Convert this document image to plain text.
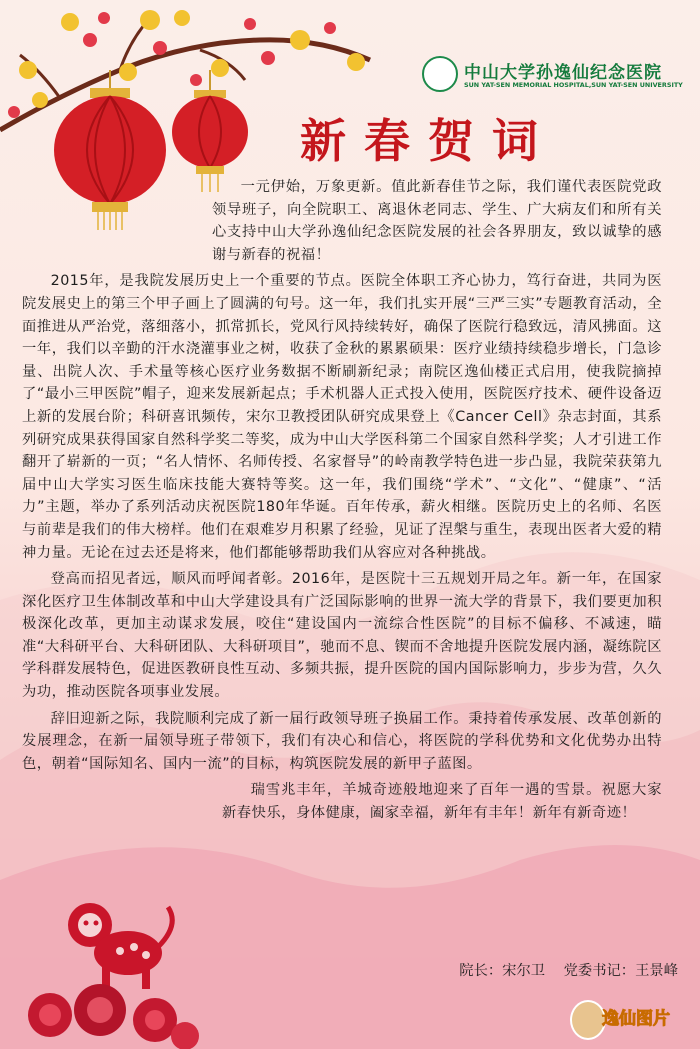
中山大学孙逸仙纪念医院
SUN YAT-SEN MEMORIAL HOSPITAL,SUN YAT-SEN UNIVERSITY
新春贺词

一元伊始，万象更新。值此新春佳节之际，我们谨代表医院党政领导班子，向全院职工、离退休老同志、学生、广大病友们和所有关心支持中山大学孙逸仙纪念医院发展的社会各界朋友，致以诚挚的感谢与新春的祝福！

2015年，是我院发展历史上一个重要的节点。医院全体职工齐心协力，笃行奋进，共同为医院发展史上的第三个甲子画上了圆满的句号。这一年，我们扎实开展“三严三实”专题教育活动，全面推进从严治党，落细落小，抓常抓长，党风行风持续转好，确保了医院行稳致远，清风拂面。这一年，我们以辛勤的汗水浇灌事业之树，收获了金秋的累累硕果：医疗业绩持续稳步增长，门急诊量、出院人次、手术量等核心医疗业务数据不断刷新纪录；南院区逸仙楼正式启用，使我院摘掉了“最小三甲医院”帽子，迎来发展新起点；手术机器人正式投入使用，医院医疗技术、硬件设备迈上新的发展台阶；科研喜讯频传，宋尔卫教授团队研究成果登上《Cancer Cell》杂志封面，其系列研究成果获得国家自然科学奖二等奖，成为中山大学医科第二个国家自然科学奖；人才引进工作翻开了崭新的一页；“名人情怀、名师传授、名家督导”的岭南教学特色进一步凸显，我院荣获第九届中山大学实习医生临床技能大赛特等奖。这一年，我们围绕“学术”、“文化”、“健康”、“活力”主题，举办了系列活动庆祝医院180年华诞。百年传承，薪火相继。医院历史上的名师、名医与前辈是我们的伟大榜样。他们在艰难岁月积累了经验，见证了涅槃与重生，表现出医者大爱的精神力量。无论在过去还是将来，他们都能够帮助我们从容应对各种挑战。

登高而招见者远，顺风而呼闻者彰。2016年，是医院十三五规划开局之年。新一年，在国家深化医疗卫生体制改革和中山大学建设具有广泛国际影响的世界一流大学的背景下，我们要更加积极深化改革，更加主动谋求发展，咬住“建设国内一流综合性医院”的目标不偏移、不减速，瞄准“大科研平台、大科研团队、大科研项目”，驰而不息、锲而不舍地提升医院发展内涵，凝练院区学科群发展特色，促进医教研良性互动、多频共振，提升医院的国内国际影响力，步步为营，久久为功，推动医院各项事业发展。

辞旧迎新之际，我院顺利完成了新一届行政领导班子换届工作。秉持着传承发展、改革创新的发展理念，在新一届领导班子带领下，我们有决心和信心，将医院的学科优势和文化优势办出特色，朝着“国际知名、国内一流”的目标，构筑医院发展的新甲子蓝图。

瑞雪兆丰年，羊城奇迹般地迎来了百年一遇的雪景。祝愿大家新春快乐，身体健康，阖家幸福，新年有丰年！新年有新奇迹！

院长：宋尔卫 党委书记：王景峰
逸仙图片
